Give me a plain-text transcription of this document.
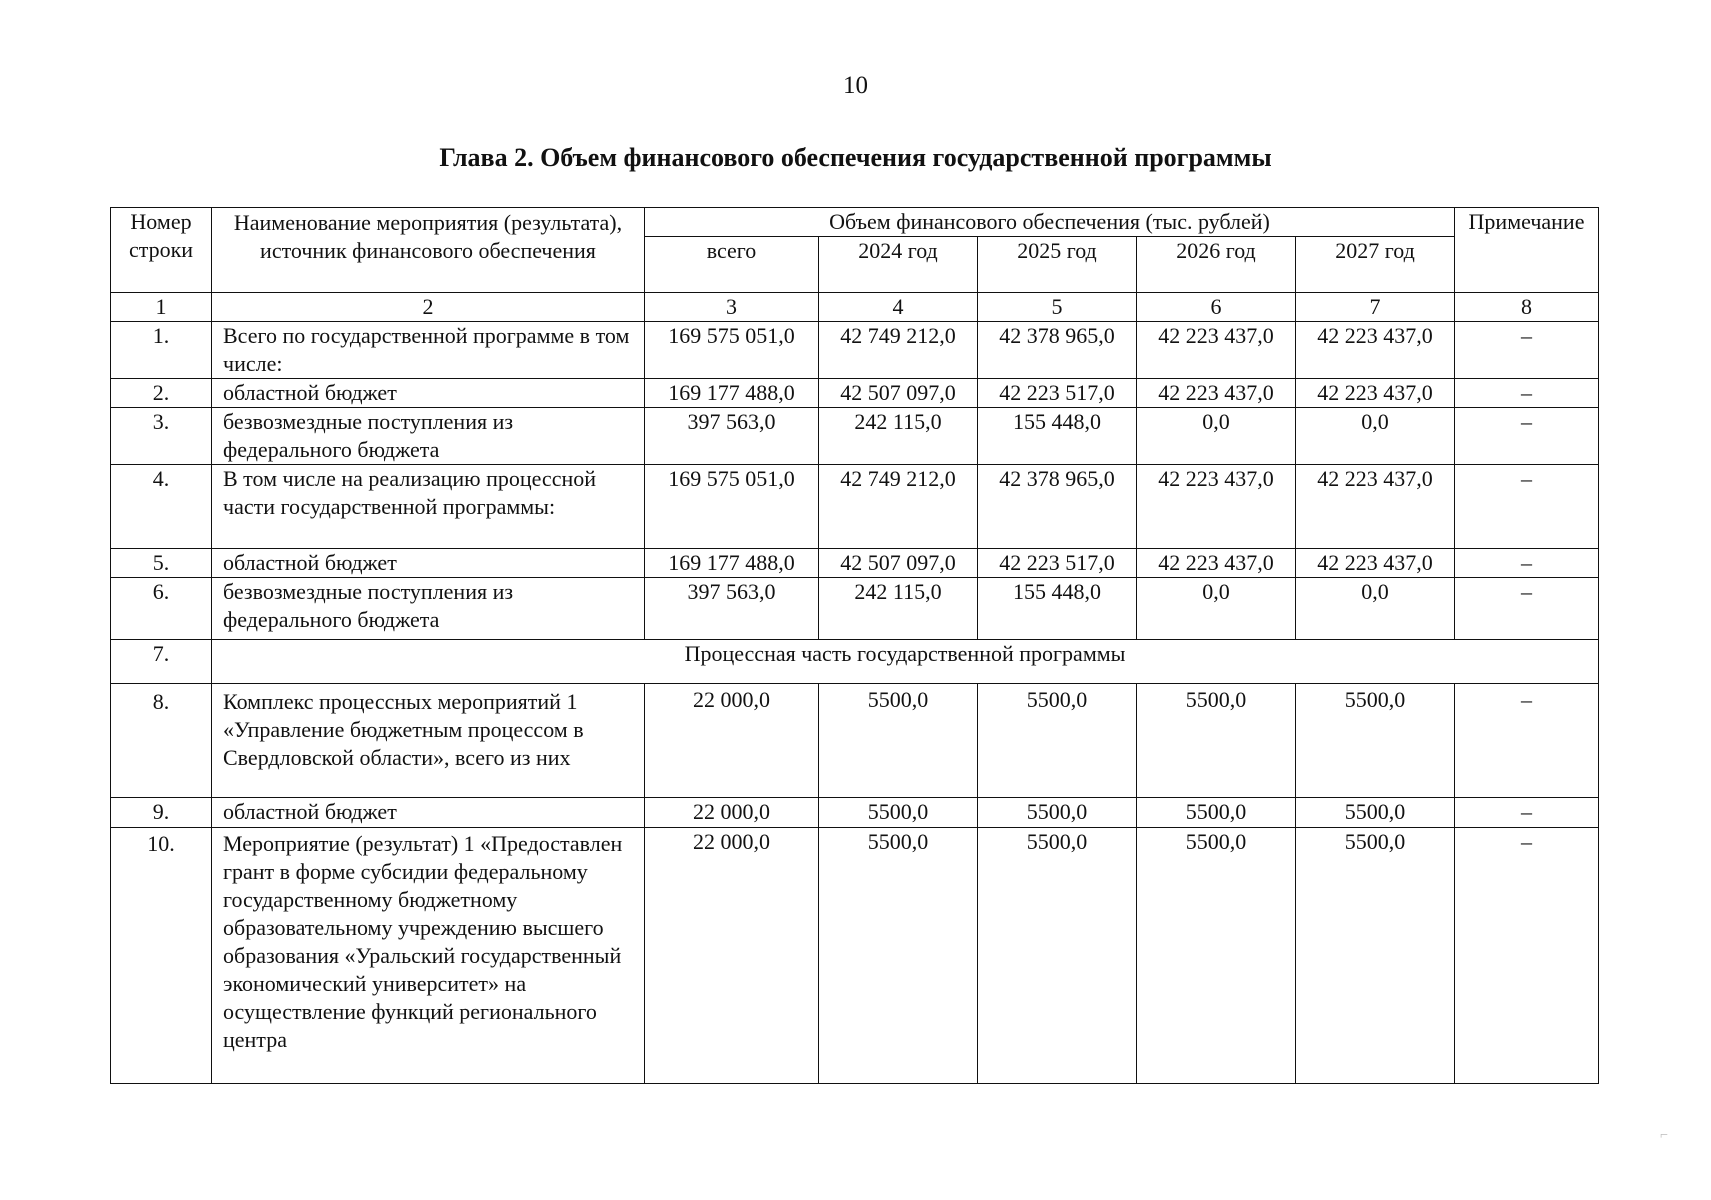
10
Глава 2. Объем финансового обеспечения государственной программы
Номер строки	Наименование мероприятия (результата), источник финансового обеспечения	Объем финансового обеспечения (тыс. рублей)					Примечание
		всего	2024 год	2025 год	2026 год	2027 год	
1	2	3	4	5	6	7	8
1.	Всего по государственной программе в том числе:	169 575 051,0	42 749 212,0	42 378 965,0	42 223 437,0	42 223 437,0	–
2.	областной бюджет	169 177 488,0	42 507 097,0	42 223 517,0	42 223 437,0	42 223 437,0	–
3.	безвозмездные поступления из федерального бюджета	397 563,0	242 115,0	155 448,0	0,0	0,0	–
4.	В том числе на реализацию процессной части государственной программы:	169 575 051,0	42 749 212,0	42 378 965,0	42 223 437,0	42 223 437,0	–
5.	областной бюджет	169 177 488,0	42 507 097,0	42 223 517,0	42 223 437,0	42 223 437,0	–
6.	безвозмездные поступления из федерального бюджета	397 563,0	242 115,0	155 448,0	0,0	0,0	–
7.	Процессная часть государственной программы						
8.	Комплекс процессных мероприятий 1 «Управление бюджетным процессом в Свердловской области», всего из них	22 000,0	5500,0	5500,0	5500,0	5500,0	–
9.	областной бюджет	22 000,0	5500,0	5500,0	5500,0	5500,0	–
10.	Мероприятие (результат) 1 «Предоставлен грант в форме субсидии федеральному государственному бюджетному образовательному учреждению высшего образования «Уральский государственный экономический университет» на осуществление функций регионального центра	22 000,0	5500,0	5500,0	5500,0	5500,0	–
⌐
